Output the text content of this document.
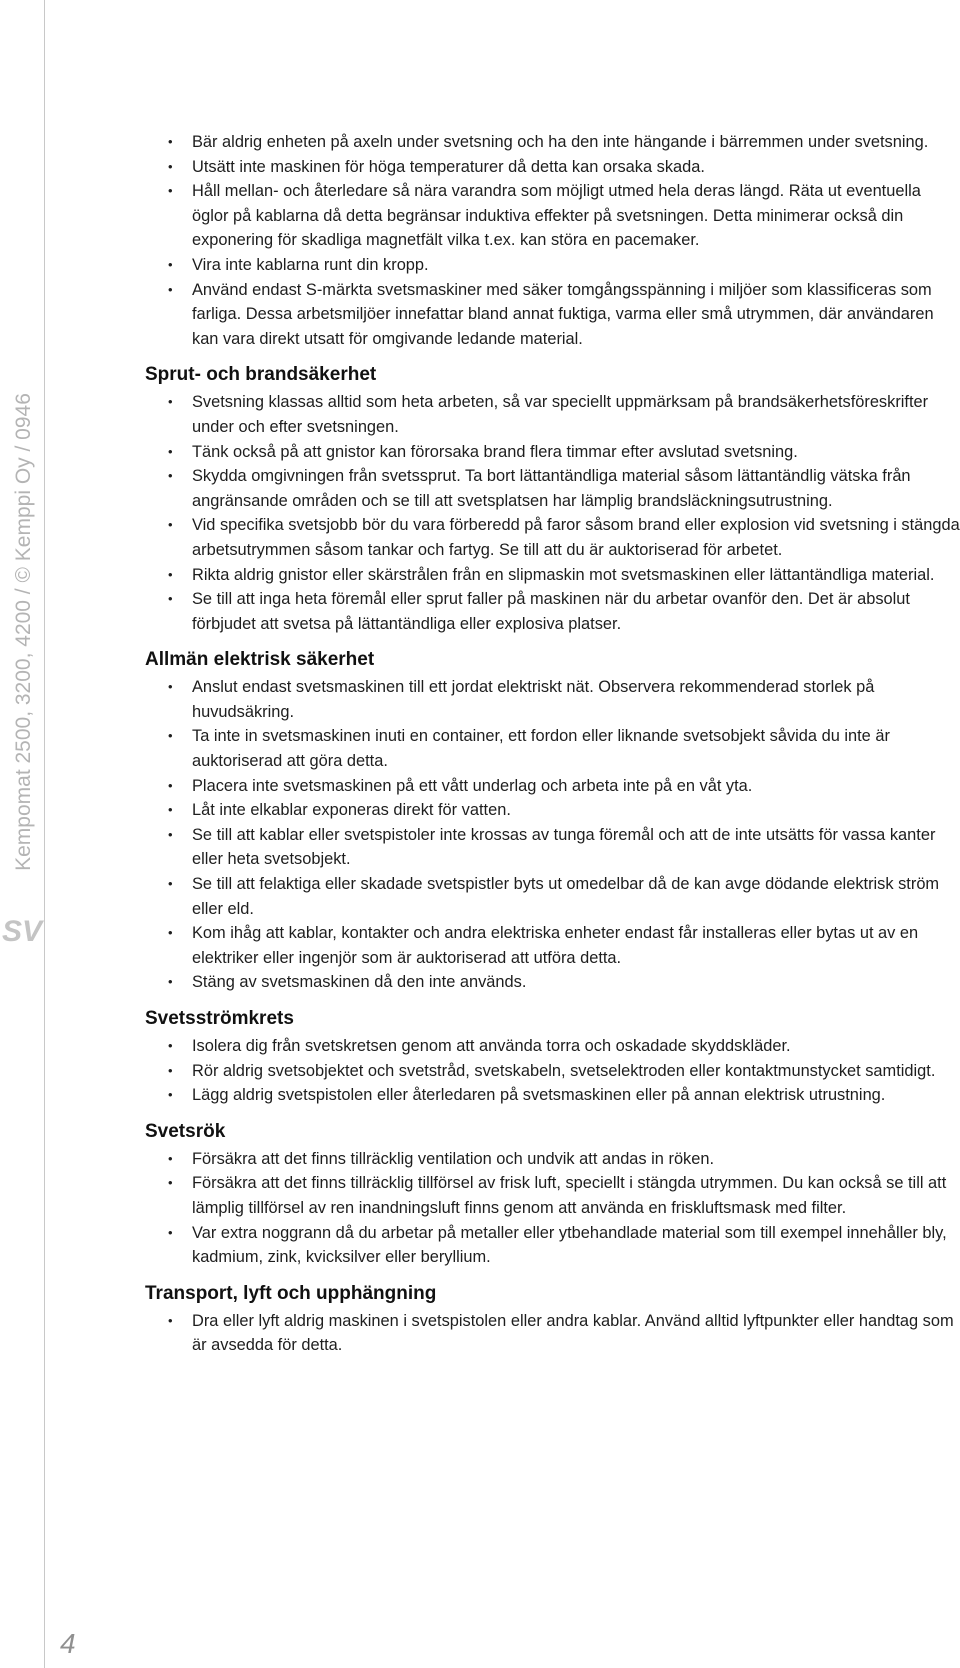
Kempomat 2500, 3200, 4200 / © Kemppi Oy / 0946
SV
4
• Bär aldrig enheten på axeln under svetsning och ha den inte hängande i bärremmen under svetsning.
• Utsätt inte maskinen för höga temperaturer då detta kan orsaka skada.
• Håll mellan- och återledare så nära varandra som möjligt utmed hela deras längd. Räta ut eventuella öglor på kablarna då detta begränsar induktiva effekter på svetsningen. Detta minimerar också din exponering för skadliga magnetfält vilka t.ex. kan störa en pacemaker.
• Vira inte kablarna runt din kropp.
• Använd endast S-märkta svetsmaskiner med säker tomgångsspänning i miljöer som klassificeras som farliga. Dessa arbetsmiljöer innefattar bland annat fuktiga, varma eller små utrymmen, där användaren kan vara direkt utsatt för omgivande ledande material.
Sprut- och brandsäkerhet
• Svetsning klassas alltid som heta arbeten, så var speciellt uppmärksam på brandsäkerhetsföreskrifter under och efter svetsningen.
• Tänk också på att gnistor kan förorsaka brand flera timmar efter avslutad svetsning.
• Skydda omgivningen från svetssprut. Ta bort lättantändliga material såsom lättantändlig vätska från angränsande områden och se till att svetsplatsen har lämplig brandsläckningsutrustning.
• Vid specifika svetsjobb bör du vara förberedd på faror såsom brand eller explosion vid svetsning i stängda arbetsutrymmen såsom tankar och fartyg. Se till att du är auktoriserad för arbetet.
• Rikta aldrig gnistor eller skärstrålen från en slipmaskin mot svetsmaskinen eller lättantändliga material.
• Se till att inga heta föremål eller sprut faller på maskinen när du arbetar ovanför den. Det är absolut förbjudet att svetsa på lättantändliga eller explosiva platser.
Allmän elektrisk säkerhet
• Anslut endast svetsmaskinen till ett jordat elektriskt nät. Observera rekommenderad storlek på huvudsäkring.
• Ta inte in svetsmaskinen inuti en container, ett fordon eller liknande svetsobjekt såvida du inte är auktoriserad att göra detta.
• Placera inte svetsmaskinen på ett vått underlag och arbeta inte på en våt yta.
• Låt inte elkablar exponeras direkt för vatten.
• Se till att kablar eller svetspistoler inte krossas av tunga föremål och att de inte utsätts för vassa kanter eller heta svetsobjekt.
• Se till att felaktiga eller skadade svetspistler byts ut omedelbar då de kan avge dödande elektrisk ström eller eld.
• Kom ihåg att kablar, kontakter och andra elektriska enheter endast får installeras eller bytas ut av en elektriker eller ingenjör som är auktoriserad att utföra detta.
• Stäng av svetsmaskinen då den inte används.
Svetsströmkrets
• Isolera dig från svetskretsen genom att använda torra och oskadade skyddskläder.
• Rör aldrig svetsobjektet och svetstråd, svetskabeln, svetselektroden eller kontaktmunstycket samtidigt.
• Lägg aldrig svetspistolen eller återledaren på svetsmaskinen eller på annan elektrisk utrustning.
Svetsrök
• Försäkra att det finns tillräcklig ventilation och undvik att andas in röken.
• Försäkra att det finns tillräcklig tillförsel av frisk luft, speciellt i stängda utrymmen. Du kan också se till att lämplig tillförsel av ren inandningsluft finns genom att använda en friskluftsmask med filter.
• Var extra noggrann då du arbetar på metaller eller ytbehandlade material som till exempel innehåller bly, kadmium, zink, kvicksilver eller beryllium.
Transport, lyft och upphängning
• Dra eller lyft aldrig maskinen i svetspistolen eller andra kablar. Använd alltid lyftpunkter eller handtag som är avsedda för detta.
